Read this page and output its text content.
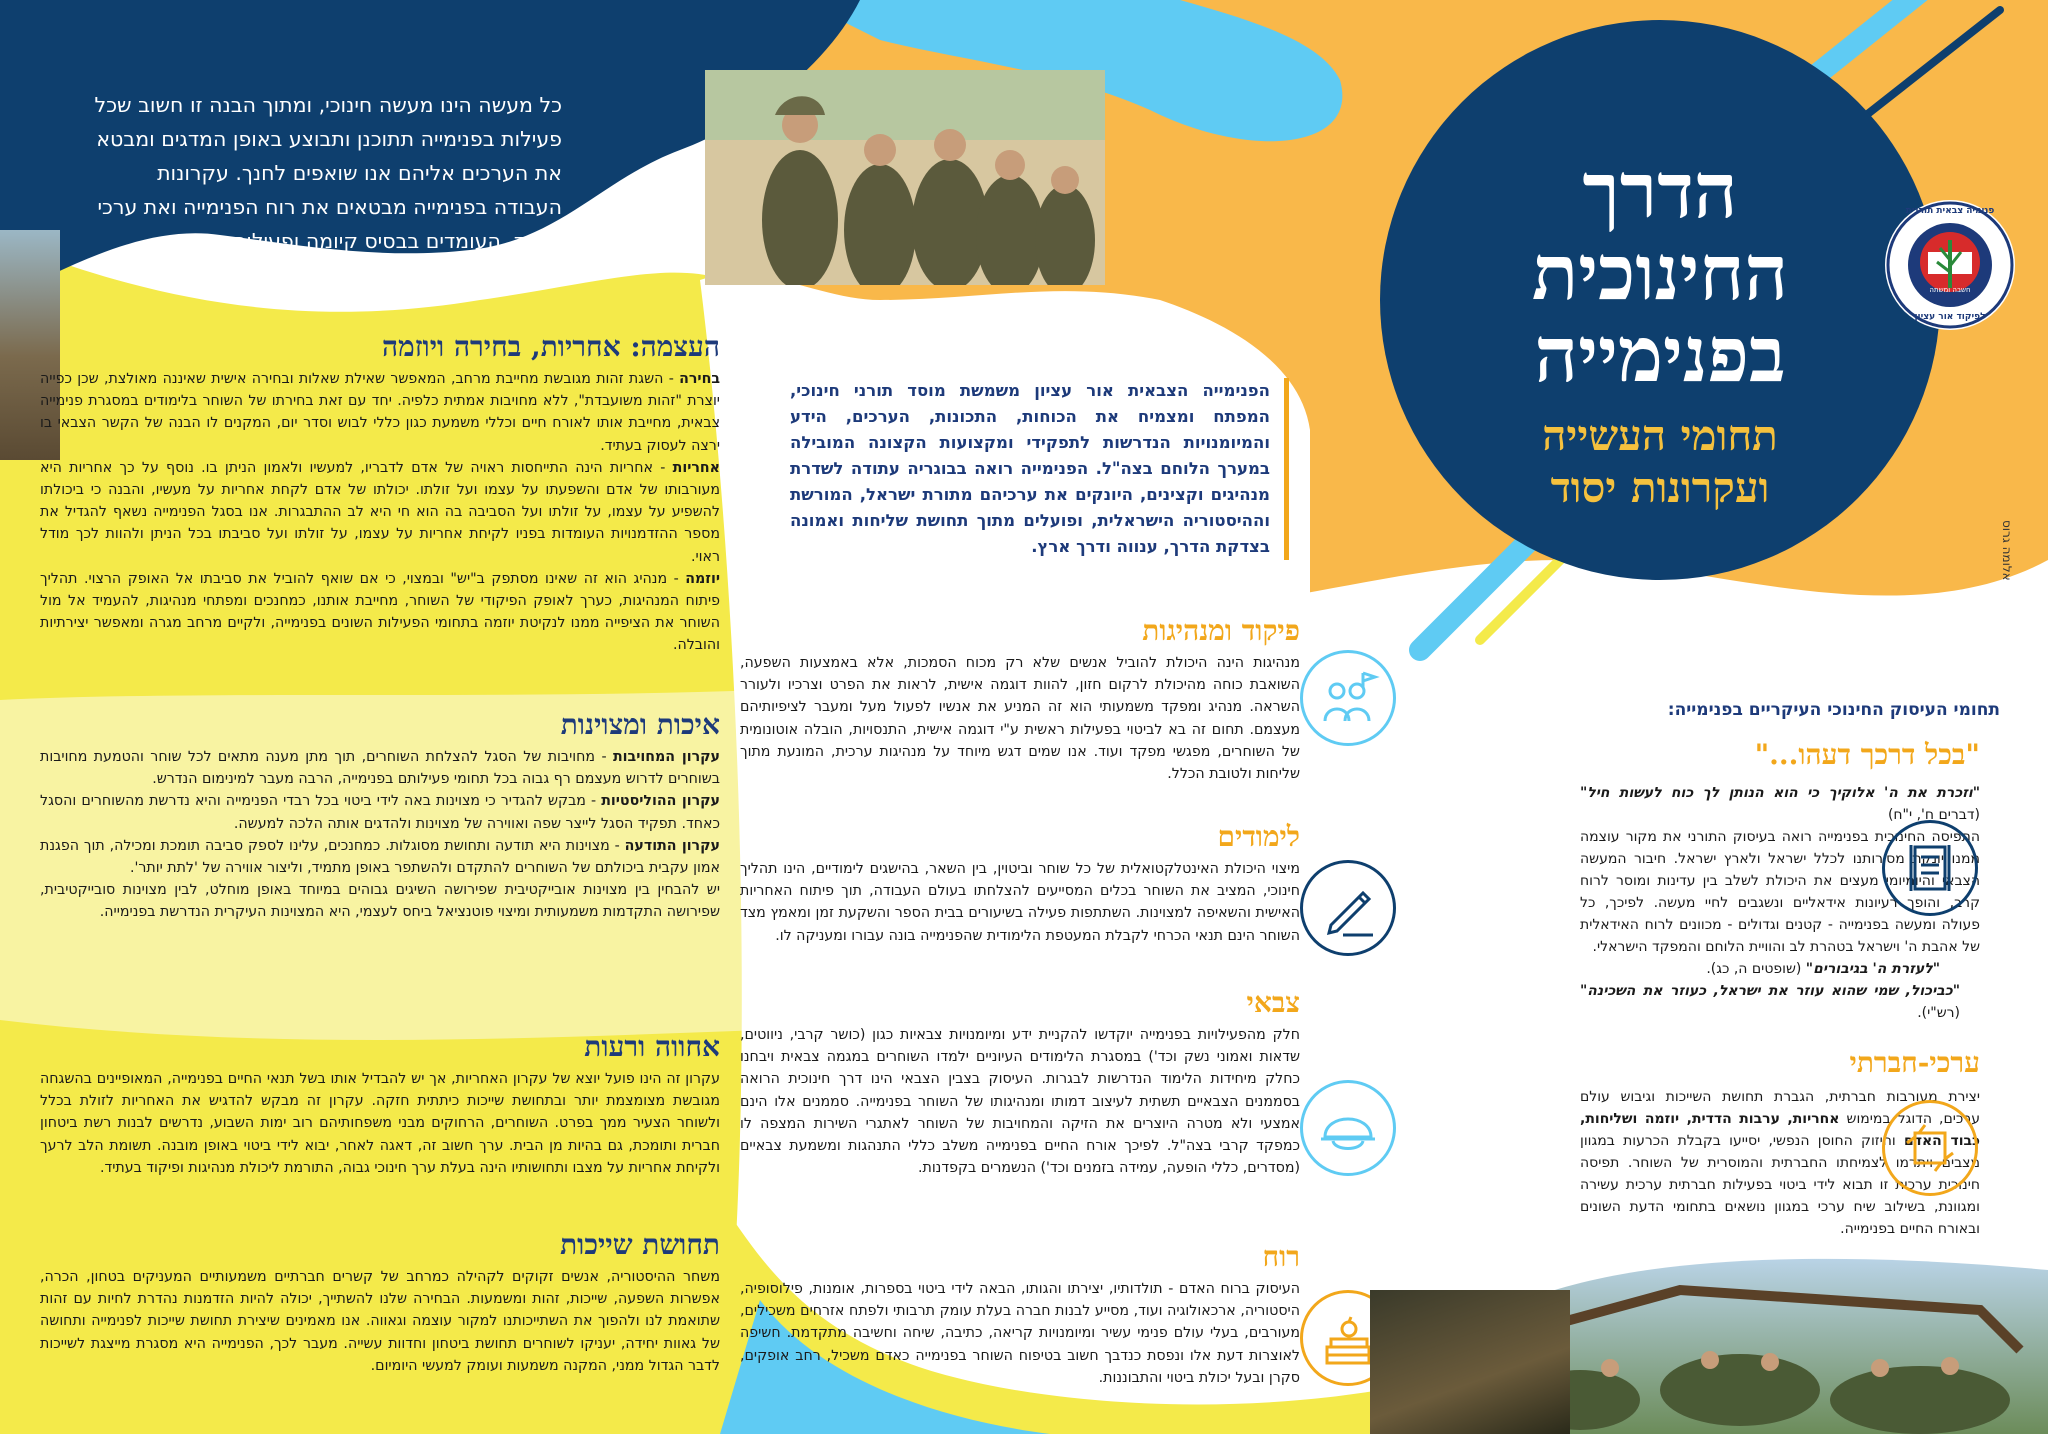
כל מעשה הינו מעשה חינוכי, ומתוך הבנה זו חשוב שכל פעילות בפנימייה תתוכנן ותבוצע באופן המדגים ומבטא את הערכים אליהם אנו שואפים לחנך. עקרונות העבודה בפנימייה מבטאים את רוח הפנימייה ואת ערכי היסוד, העומדים בבסיס קיומה ופעילותה.
הפנימייה הצבאית אור עציון משמשת מוסד תורני חינוכי, המפתח ומצמיח את הכוחות, התכונות, הערכים, הידע והמיומנויות הנדרשות לתפקידי ומקצועות הקצונה המובילה במערך הלוחם בצה"ל. הפנימייה רואה בבוגריה עתודה לשדרת מנהיגים וקצינים, היונקים את ערכיהם מתורת ישראל, המורשת וההיסטוריה הישראלית, ופועלים מתוך תחושת שליחות ואמונה בצדקת הדרך, ענווה ודרך ארץ.
הדרך
החינוכית
בפנימייה
תחומי העשייה
ועקרונות יסוד
פנימיה צבאית תורנית
חשבה ומשתה
לפיקוד אור עציון
אלומה גרוס
העצמה: אחריות, בחירה ויוזמה

בחירה - השגת זהות מגובשת מחייבת מרחב, המאפשר שאילת שאלות ובחירה אישית שאיננה מאולצת, שכן כפייה יוצרת "זהות משועבדת", ללא מחויבות אמתית כלפיה. יחד עם זאת בחירתו של השוחר בלימודים במסגרת פנימייה צבאית, מחייבת אותו לאורח חיים וכללי משמעת כגון כללי לבוש וסדר יום, המקנים לו הבנה של הקשר הצבאי בו ירצה לעסוק בעתיד.

אחריות - אחריות הינה התייחסות ראויה של אדם לדבריו, למעשיו ולאמון הניתן בו. נוסף על כך אחריות היא מעורבותו של אדם והשפעתו על עצמו ועל זולתו. יכולתו של אדם לקחת אחריות על מעשיו, והבנה כי ביכולתו להשפיע על עצמו, על זולתו ועל הסביבה בה הוא חי היא לב ההתבגרות. אנו בסגל הפנימייה נשאף להגדיל את מספר ההזדמנויות העומדות בפניו לקיחת אחריות על עצמו, על זולתו ועל סביבתו בכל הניתן ולהוות לכך מודל ראוי.

יוזמה - מנהיג הוא זה שאינו מסתפק ב"יש" ובמצוי, כי אם שואף להוביל את סביבתו אל האופק הרצוי. תהליך פיתוח המנהיגות, כערך לאופק הפיקודי של השוחר, מחייבת אותנו, כמחנכים ומפתחי מנהיגות, להעמיד אל מול השוחר את הציפייה ממנו לנקיטת יוזמה בתחומי הפעילות השונים בפנימייה, ולקיים מרחב מגרה ומאפשר יצירתיות והובלה.

איכות ומצוינות

עקרון המחויבות - מחויבות של הסגל להצלחת השוחרים, תוך מתן מענה מתאים לכל שוחר והטמעת מחויבות בשוחרים לדרוש מעצמם רף גבוה בכל תחומי פעילותם בפנימייה, הרבה מעבר למינימום הנדרש.

עקרון ההוליסטיות - מבקש להגדיר כי מצוינות באה לידי ביטוי בכל רבדי הפנימייה והיא נדרשת מהשוחרים והסגל כאחד. תפקיד הסגל לייצר שפה ואווירה של מצוינות ולהדגים אותה הלכה למעשה.

עקרון התודעה - מצוינות היא תודעה ותחושת מסוגלות. כמחנכים, עלינו לספק סביבה תומכת ומכילה, תוך הפגנת אמון עקבית ביכולתם של השוחרים להתקדם ולהשתפר באופן מתמיד, וליצור אווירה של 'לתת יותר'.

יש להבחין בין מצוינות אובייקטיבית שפירושה השיגים גבוהים במיוחד באופן מוחלט, לבין מצוינות סובייקטיבית, שפירושה התקדמות משמעותית ומיצוי פוטנציאל ביחס לעצמי, היא המצוינות העיקרית הנדרשת בפנימייה.

אחווה ורעות

עקרון זה הינו פועל יוצא של עקרון האחריות, אך יש להבדיל אותו בשל תנאי החיים בפנימייה, המאופיינים בהשגחה מגובשת מצומצמת יותר ובתחושת שייכות כיתתית חזקה. עקרון זה מבקש להדגיש את האחריות לזולת בכלל ולשוחר הצעיר ממך בפרט. השוחרים, הרחוקים מבני משפחותיהם רוב ימות השבוע, נדרשים לבנות רשת ביטחון חברית ותומכת, גם בהיות מן הבית. ערך חשוב זה, דאגה לאחר, יבוא לידי ביטוי באופן מובנה. תשומת הלב לרעך ולקיחת אחריות על מצבו ותחושותיו הינה בעלת ערך חינוכי גבוה, התורמת ליכולת מנהיגות ופיקוד בעתיד.

תחושת שייכות

משחר ההיסטוריה, אנשים זקוקים לקהילה כמרחב של קשרים חברתיים משמעותיים המעניקים בטחון, הכרה, אפשרות השפעה, שייכות, זהות ומשמעות. הבחירה שלנו להשתייך, יכולה להיות הזדמנות נהדרת לחיות עם זהות שתואמת לנו ולהפוך את השתייכותנו למקור עוצמה וגאווה. אנו מאמינים שיצירת תחושת שייכות לפנימייה ותחושה של גאוות יחידה, יעניקו לשוחרים תחושת ביטחון וחדוות עשייה. מעבר לכך, הפנימייה היא מסגרת מייצגת לשייכות לדבר הגדול ממני, המקנה משמעות ועומק למעשי היומיום.

פיקוד ומנהיגות
מנהיגות הינה היכולת להוביל אנשים שלא רק מכוח הסמכות, אלא באמצעות השפעה, השואבת כוחה מהיכולת לרקום חזון, להוות דוגמה אישית, לראות את הפרט וצרכיו ולעורר השראה. מנהיג ומפקד משמעותי הוא זה המניע את אנשיו לפעול מעל ומעבר לציפיותיהם מעצמם. תחום זה בא לביטוי בפעילות ראשית ע"י דוגמה אישית, התנסויות, הובלה אוטונומית של השוחרים, מפגשי מפקד ועוד. אנו שמים דגש מיוחד על מנהיגות ערכית, המונעת מתוך שליחות ולטובת הכלל.
לימודים
מיצוי היכולת האינטלקטואלית של כל שוחר וביטוין, בין השאר, בהישגים לימודיים, הינו תהליך חינוכי, המציב את השוחר בכלים המסייעים להצלחתו בעולם העבודה, תוך פיתוח האחריות האישית והשאיפה למצוינות. השתתפות פעילה בשיעורים בבית הספר והשקעת זמן ומאמץ מצד השוחר הינם תנאי הכרחי לקבלת המעטפת הלימודית שהפנימייה בונה עבורו ומעניקה לו.
צבאי
חלק מהפעילויות בפנימייה יוקדשו להקניית ידע ומיומנויות צבאיות כגון (כושר קרבי, ניווטים, שדאות ואמוני נשק וכד') במסגרת הלימודים העיוניים ילמדו השוחרים במגמה צבאית ויבחנו כחלק מיחידות הלימוד הנדרשות לבגרות. העיסוק בצבין הצבאי הינו דרך חינוכית הרואה בסממנים הצבאיים תשתית לעיצוב דמותו ומנהיגותו של השוחר בפנימייה. סממנים אלו הינם אמצעי ולא מטרה היוצרים את הזיקה והמחויבות של השוחר לאתגרי השירות המצפה לו כמפקד קרבי בצה"ל. לפיכך אורח החיים בפנימייה משלב כללי התנהגות ומשמעת צבאיים (מסדרים, כללי הופעה, עמידה בזמנים וכד') הנשמרים בקפדנות.
רוח
העיסוק ברוח האדם - תולדותיו, יצירתו והגותו, הבאה לידי ביטוי בספרות, אומנות, פילוסופיה, היסטוריה, ארכאולוגיה ועוד, מסייע לבנות חברה בעלת עומק תרבותי ולפתח אזרחים משכילים, מעורבים, בעלי עולם פנימי עשיר ומיומנויות קריאה, כתיבה, שיחה וחשיבה מתקדמת. חשיפה לאוצרות דעת אלו ונפסת כנדבך חשוב בטיפוח השוחר בפנימייה כאדם משכיל, רחב אופקים, סקרן ובעל יכולת ביטוי והתבוננות.
תחומי העיסוק החינוכי העיקריים בפנימייה:
"בכל דרכך דעהו..."
"וזכרת את ה' אלוקיך כי הוא הנותן לך כוח לעשות חיל" (דברים ח', י"ח)
התפיסה החינוכית בפנימייה רואה בעיסוק התורני את מקור עוצמה ממנו יונקת מסירותנו לכלל ישראל ולארץ ישראל. חיבור המעשה הצבאי והיומיומי מעצים את היכולת לשלב בין עדינות ומוסר לרוח קרב, והופך רעיונות אידאליים ונשגבים לחיי מעשה. לפיכך, כל פעולה ומעשה בפנימייה - קטנים וגדולים - מכוונים לרוח האידאלית של אהבת ה' וישראל בטהרת לב והוויית הלוחם והמפקד הישראלי.
"לעזרת ה' בגיבורים" (שופטים ה, כג).
"כביכול, שמי שהוא עוזר את ישראל, כעוזר את השכינה" (רש"י).
ערכי-חברתי
יצירת מעורבות חברתית, הגברת תחושת השייכות וגיבוש עולם ערכים, הדוגל במימוש אחריות, ערבות הדדית, יוזמה ושליחות, כבוד האדם וחיזוק החוסן הנפשי, יסייעו בקבלת הכרעות במגוון מצבים ויתרמו לצמיחתו החברתית והמוסרית של השוחר. תפיסה חינוכית ערכית זו תבוא לידי ביטוי בפעילות חברתית ערכית עשירה ומגוונת, בשילוב שיח ערכי במגוון נושאים בתחומי הדעת השונים ובאורח החיים בפנימייה.
